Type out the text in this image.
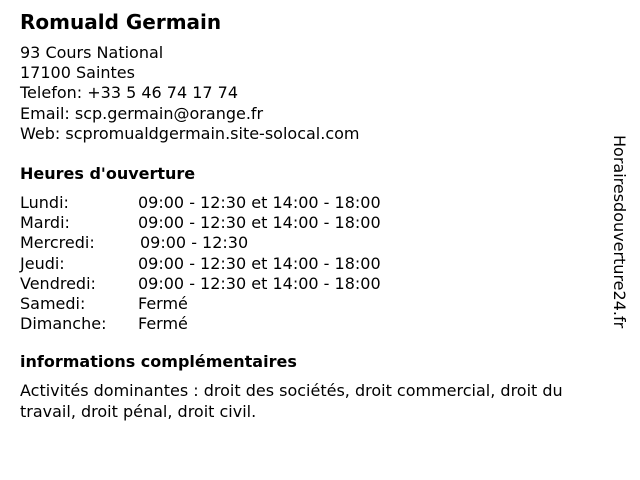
Romuald Germain
93 Cours National
17100 Saintes
Telefon: +33 5 46 74 17 74
Email: scp.germain@orange.fr
Web: scpromualdgermain.site-solocal.com
Heures d'ouverture
Lundi:	09:00 - 12:30 et 14:00 - 18:00
Mardi:	09:00 - 12:30 et 14:00 - 18:00
Mercredi:	09:00 - 12:30
Jeudi:	09:00 - 12:30 et 14:00 - 18:00
Vendredi:	09:00 - 12:30 et 14:00 - 18:00
Samedi:	Fermé
Dimanche:	Fermé
informations complémentaires
Activités dominantes : droit des sociétés, droit commercial, droit du travail, droit pénal, droit civil.
Horairesdouverture24.fr
